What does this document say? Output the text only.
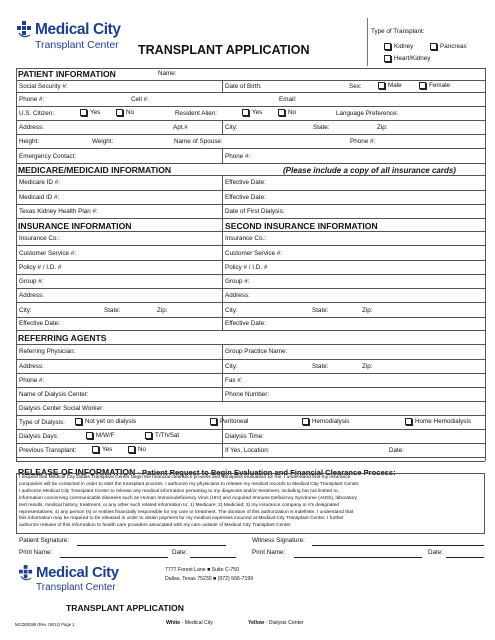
Medical City
Transplant Center TRANSPLANT APPLICATION
Type of Transplant:
Kidney	Pancreas
Heart/Kidney
PATIENT INFORMATION	Name:
Social Security #:	Date of Birth:	Sex:	Male	Female
Phone #:	Cell #:	Email:
U.S. Citizen:	Yes	No	Resident Alien:	Yes	No	Language Preference:
Address:	Apt.#	City:	State:	Zip:
Height:	Weight:	Name of Spouse:	Phone #:
Emergency Contact:	Phone #:
MEDICARE/MEDICAID INFORMATION	(Please include a copy of all insurance cards)
Medicare ID #:	Effective Date:
Medicaid ID #:	Effective Date:
Texas Kidney Health Plan #:	Date of First Dialysis:
INSURANCE INFORMATION	SECOND INSURANCE INFORMATION
Insurance Co.:	Insurance Co.:
Customer Service #:	Customer Service #:
Policy # / I.D. #	Policy # / I.D. #
Group #:	Group #:
Address:	Address:
City:	State:	Zip:	City:	State:	Zip:
Effective Date:	Effective Date:
REFERRING AGENTS
Referring Physician:	Group Practice Name:
Address:	City:	State:	Zip:
Phone #:	Fax #:
Name of Dialysis Center:	Phone Number:
Dialysis Center Social Worker:
Type of Dialysis:	Not yet on dialysis	Peritoneal	Hemodialysis	Home Hemodialysis
Dialysis Days:	M/W/F	T/Th/Sat	Dialysis Time:
Previous Transplant:	Yes	No	If Yes, Location:	Date:
RELEASE OF INFORMATION - Patient Request to Begin Evaluation and Financial Clearance Process:
I request that Medical City Dallas Transplant Center begin the financial clearance process and transplant evaluation for me. I understand that my insurance
companies will be contacted in order to start the transplant process. I authorize my physicians to release my medical records to Medical City Transplant Center.
I authorize Medical City Transplant Center to release any medical information pertaining to my diagnosis and/or treatment, including but not limited to,
information concerning communicable diseases such as Human Immunodeficiency Virus (HIV) and Acquired Immune Deficiency Syndrome (AIDS), laboratory
test results, medical history, treatment, or any other such related information to: 1) Medicare; 2) Medicaid; 3) my insurance company or it's designated
representatives; 4) any person (s) or entities financially responsible for my care or treatment. The duration of this authorization is indefinite. I understand that
this information may be required to be released in order to obtain payment for my medical expenses incurred at Medical City Transplant Center. I further
authorize release of this information to health care providers associated with my care outside of Medical City Transplant Center.
Patient Signature:	Witness Signature:
Print Name:	Date:	Print Name:	Date:
Medical City
Transplant Center
7777 Forest Lane ■ Suite C-750
Dallas, Texas 75230 ■ (972) 566-7199
TRANSPLANT APPLICATION
MCD00288 (Rev. 08/12) Page 1	White - Medical City	Yellow - Dialysis Center
